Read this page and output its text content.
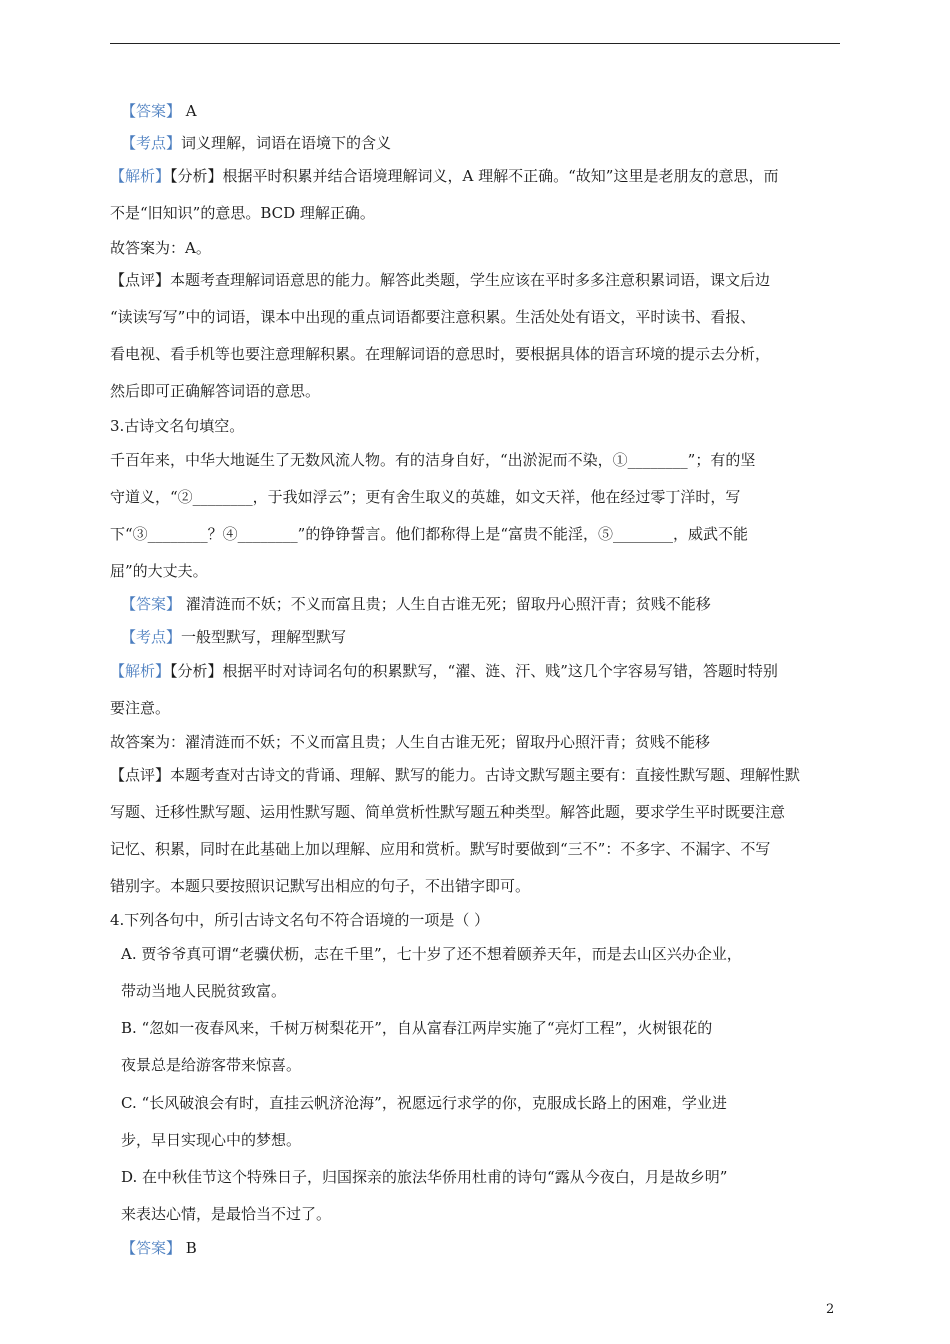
【答案】 A
【考点】词义理解，词语在语境下的含义
【解析】【分析】根据平时积累并结合语境理解词义，A 理解不正确。“故知”这里是老朋友的意思，而
不是“旧知识”的意思。BCD 理解正确。
故答案为：A。
【点评】本题考查理解词语意思的能力。解答此类题，学生应该在平时多多注意积累词语，课文后边
“读读写写”中的词语，课本中出现的重点词语都要注意积累。生活处处有语文，平时读书、看报、
看电视、看手机等也要注意理解积累。在理解词语的意思时，要根据具体的语言环境的提示去分析，
然后即可正确解答词语的意思。
3.古诗文名句填空。
千百年来，中华大地诞生了无数风流人物。有的洁身自好，“出淤泥而不染，①________”；有的坚
守道义，“②________，于我如浮云”；更有舍生取义的英雄，如文天祥，他在经过零丁洋时，写
下“③________？④________”的铮铮誓言。他们都称得上是“富贵不能淫，⑤________，威武不能
屈”的大丈夫。
【答案】 濯清涟而不妖；不义而富且贵；人生自古谁无死；留取丹心照汗青；贫贱不能移
【考点】一般型默写，理解型默写
【解析】【分析】根据平时对诗词名句的积累默写，“濯、涟、汗、贱”这几个字容易写错，答题时特别
要注意。
故答案为：濯清涟而不妖；不义而富且贵；人生自古谁无死；留取丹心照汗青；贫贱不能移
【点评】本题考查对古诗文的背诵、理解、默写的能力。古诗文默写题主要有：直接性默写题、理解性默
写题、迁移性默写题、运用性默写题、简单赏析性默写题五种类型。解答此题，要求学生平时既要注意
记忆、积累，同时在此基础上加以理解、应用和赏析。默写时要做到“三不”：不多字、不漏字、不写
错别字。本题只要按照识记默写出相应的句子，不出错字即可。
4.下列各句中，所引古诗文名句不符合语境的一项是（ ）
A. 贾爷爷真可谓“老骥伏枥，志在千里”，七十岁了还不想着颐养天年，而是去山区兴办企业，
带动当地人民脱贫致富。
B. “忽如一夜春风来，千树万树梨花开”，自从富春江两岸实施了“亮灯工程”，火树银花的
夜景总是给游客带来惊喜。
C. “长风破浪会有时，直挂云帆济沧海”，祝愿远行求学的你，克服成长路上的困难，学业进
步，早日实现心中的梦想。
D. 在中秋佳节这个特殊日子，归国探亲的旅法华侨用杜甫的诗句“露从今夜白，月是故乡明”
来表达心情，是最恰当不过了。
【答案】 B
2
